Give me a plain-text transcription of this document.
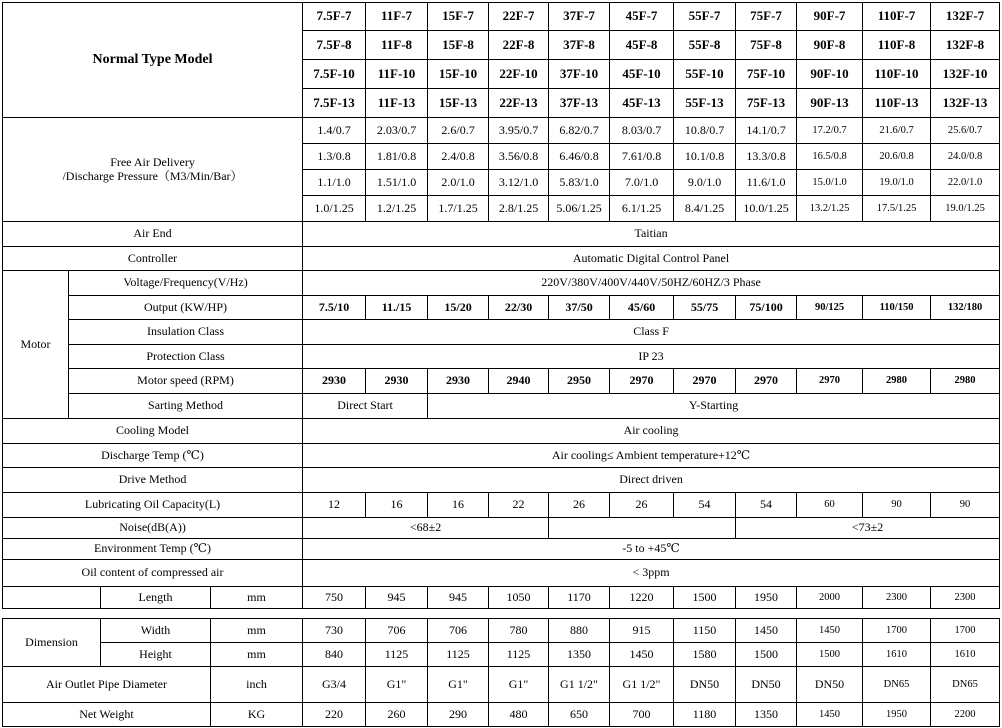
Normal Type Model				7.5F-7	11F-7	15F-7	22F-7	37F-7	45F-7	55F-7	75F-7	90F-7	110F-7	132F-7
				7.5F-8	11F-8	15F-8	22F-8	37F-8	45F-8	55F-8	75F-8	90F-8	110F-8	132F-8
				7.5F-10	11F-10	15F-10	22F-10	37F-10	45F-10	55F-10	75F-10	90F-10	110F-10	132F-10
				7.5F-13	11F-13	15F-13	22F-13	37F-13	45F-13	55F-13	75F-13	90F-13	110F-13	132F-13

Free Air Delivery
/Discharge Pressure（M3/Min/Bar）				1.4/0.7	2.03/0.7	2.6/0.7	3.95/0.7	6.82/0.7	8.03/0.7	10.8/0.7	14.1/0.7	17.2/0.7	21.6/0.7	25.6/0.7
				1.3/0.8	1.81/0.8	2.4/0.8	3.56/0.8	6.46/0.8	7.61/0.8	10.1/0.8	13.3/0.8	16.5/0.8	20.6/0.8	24.0/0.8
				1.1/1.0	1.51/1.0	2.0/1.0	3.12/1.0	5.83/1.0	7.0/1.0	9.0/1.0	11.6/1.0	15.0/1.0	19.0/1.0	22.0/1.0
				1.0/1.25	1.2/1.25	1.7/1.25	2.8/1.25	5.06/1.25	6.1/1.25	8.4/1.25	10.0/1.25	13.2/1.25	17.5/1.25	19.0/1.25
Air End				Taitian										
Controller				Automatic Digital Control Panel										
Motor	Voltage/Frequency(V/Hz)			220V/380V/400V/440V/50HZ/60HZ/3 Phase										
	Output (KW/HP)			7.5/10	11./15	15/20	22/30	37/50	45/60	55/75	75/100	90/125	110/150	132/180
	Insulation Class			Class F										
	Protection Class			IP 23										
	Motor speed (RPM)			2930	2930	2930	2940	2950	2970	2970	2970	2970	2980	2980
	Sarting Method			Direct Start		Y-Starting								
Cooling Model				Air cooling										
Discharge Temp (℃)				Air cooling≤ Ambient temperature+12℃										
Drive Method				Direct driven										
Lubricating Oil Capacity(L)				12	16	16	22	26	26	54	54	60	90	90
Noise(dB(A))				<68±2							<73±2			
Environment Temp (℃)				-5 to +45℃										
Oil content of compressed air				< 3ppm										
		Length	mm	750	945	945	1050	1170	1220	1500	1950	2000	2300	2300
Dimension	Width	mm	730	706	706	780	880	915	1150	1450	1450	1700	1700
	Height	mm	840	1125	1125	1125	1350	1450	1580	1500	1500	1610	1610
Air Outlet Pipe Diameter		inch	G3/4	G1"	G1"	G1"	G1 1/2"	G1 1/2"	DN50	DN50	DN50	DN65	DN65
Net Weight		KG	220	260	290	480	650	700	1180	1350	1450	1950	2200
